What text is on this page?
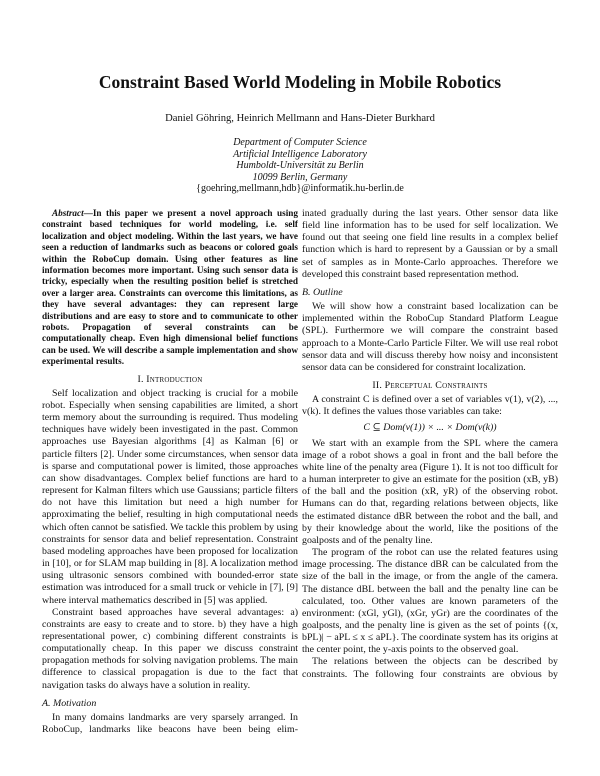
Constraint Based World Modeling in Mobile Robotics
Daniel Göhring, Heinrich Mellmann and Hans-Dieter Burkhard
Department of Computer Science
Artificial Intelligence Laboratory
Humboldt-Universität zu Berlin
10099 Berlin, Germany
{goehring,mellmann,hdb}@informatik.hu-berlin.de

Abstract—In this paper we present a novel approach using constraint based techniques for world modeling, i.e. self localization and object modeling. Within the last years, we have seen a reduction of landmarks such as beacons or colored goals within the RoboCup domain. Using other features as line information becomes more important. Using such sensor data is tricky, especially when the resulting position belief is stretched over a larger area. Constraints can overcome this limitations, as they have several advantages: they can represent large distributions and are easy to store and to communicate to other robots. Propagation of several constraints can be computationally cheap. Even high dimensional belief functions can be used. We will describe a sample implementation and show experimental results.

I. Introduction

Self localization and object tracking is crucial for a mobile robot. Especially when sensing capabilities are limited, a short term memory about the surrounding is required. Thus modeling techniques have widely been investigated in the past. Common approaches use Bayesian algorithms [4] as Kalman [6] or particle filters [2]. Under some circumstances, when sensor data is sparse and computational power is limited, those approaches can show disadvantages. Complex belief functions are hard to represent for Kalman filters which use Gaussians; particle filters do not have this limitation but need a high number for approximating the belief, resulting in high computational needs which often cannot be satisfied. We tackle this problem by using constraints for sensor data and belief representation. Constraint based modeling approaches have been proposed for localization in [10], or for SLAM map building in [8]. A localization method using ultrasonic sensors combined with bounded-error state estimation was introduced for a small truck or vehicle in [7], [9] where interval mathematics described in [5] was applied.

Constraint based approaches have several advantages: a) constraints are easy to create and to store. b) they have a high representational power, c) combining different constraints is computationally cheap. In this paper we discuss constraint propagation methods for solving navigation problems. The main difference to classical propagation is due to the fact that navigation tasks do always have a solution in reality.

A. Motivation

In many domains landmarks are very sparsely arranged. In RoboCup, landmarks like beacons have been being elim-

inated gradually during the last years. Other sensor data like field line information has to be used for self localization. We found out that seeing one field line results in a complex belief function which is hard to represent by a Gaussian or by a small set of samples as in Monte-Carlo approaches. Therefore we developed this constraint based representation method.

B. Outline

We will show how a constraint based localization can be implemented within the RoboCup Standard Platform League (SPL). Furthermore we will compare the constraint based approach to a Monte-Carlo Particle Filter. We will use real robot sensor data and will discuss thereby how noisy and inconsistent sensor data can be considered for constraint localization.

II. Perceptual Constraints

A constraint C is defined over a set of variables v(1), v(2), ..., v(k). It defines the values those variables can take:

C ⊆ Dom(v(1)) × ... × Dom(v(k))

We start with an example from the SPL where the camera image of a robot shows a goal in front and the ball before the white line of the penalty area (Figure 1). It is not too difficult for a human interpreter to give an estimate for the position (xB, yB) of the ball and the position (xR, yR) of the observing robot. Humans can do that, regarding relations between objects, like the estimated distance dBR between the robot and the ball, and by their knowledge about the world, like the positions of the goalposts and of the penalty line.

The program of the robot can use the related features using image processing. The distance dBR can be calculated from the size of the ball in the image, or from the angle of the camera. The distance dBL between the ball and the penalty line can be calculated, too. Other values are known parameters of the environment: (xGl, yGl), (xGr, yGr) are the coordinates of the goalposts, and the penalty line is given as the set of points {(x, bPL)| − aPL ≤ x ≤ aPL}. The coordinate system has its origins at the center point, the y-axis points to the observed goal.

The relations between the objects can be described by constraints. The following four constraints are obvious by
